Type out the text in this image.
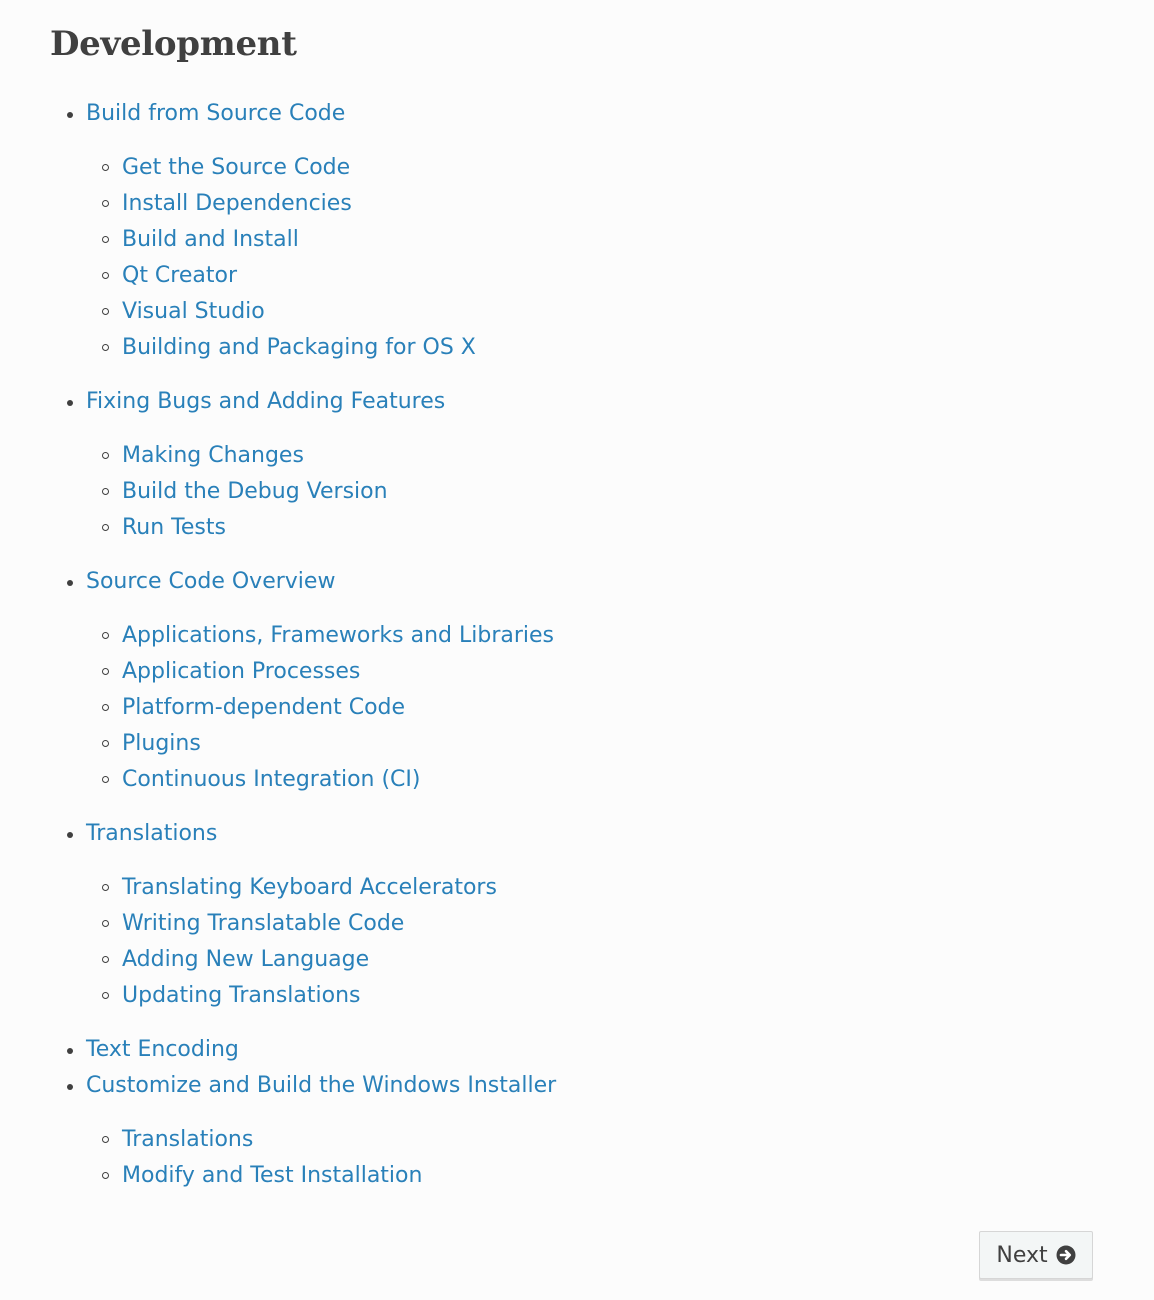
Development
Build from Source Code
Get the Source Code
Install Dependencies
Build and Install
Qt Creator
Visual Studio
Building and Packaging for OS X
Fixing Bugs and Adding Features
Making Changes
Build the Debug Version
Run Tests
Source Code Overview
Applications, Frameworks and Libraries
Application Processes
Platform-dependent Code
Plugins
Continuous Integration (CI)
Translations
Translating Keyboard Accelerators
Writing Translatable Code
Adding New Language
Updating Translations
Text Encoding
Customize and Build the Windows Installer
Translations
Modify and Test Installation
Next
